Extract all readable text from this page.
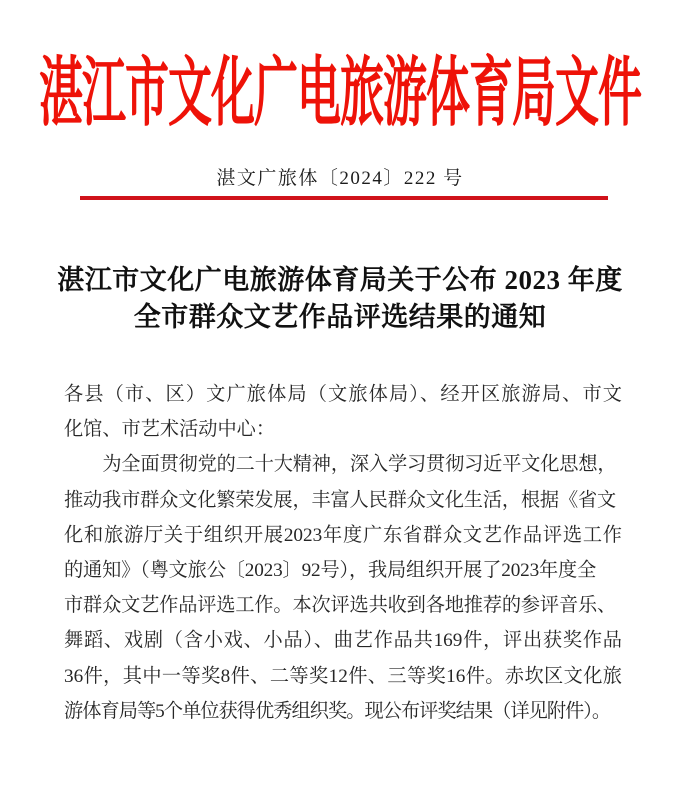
湛江市文化广电旅游体育局文件
湛文广旅体〔2024〕222 号
湛江市文化广电旅游体育局关于公布 2023 年度
全市群众文艺作品评选结果的通知
各县（市、区）文广旅体局（文旅体局）、经开区旅游局、市文
化馆、市艺术活动中心：
为全面贯彻党的二十大精神，深入学习贯彻习近平文化思想，
推动我市群众文化繁荣发展，丰富人民群众文化生活，根据《省文
化和旅游厅关于组织开展2023年度广东省群众文艺作品评选工作
的通知》（粤文旅公〔2023〕92号），我局组织开展了2023年度全
市群众文艺作品评选工作。本次评选共收到各地推荐的参评音乐、
舞蹈、戏剧（含小戏、小品）、曲艺作品共169件，评出获奖作品
36件，其中一等奖8件、二等奖12件、三等奖16件。赤坎区文化旅
游体育局等5个单位获得优秀组织奖。现公布评奖结果（详见附件）。
